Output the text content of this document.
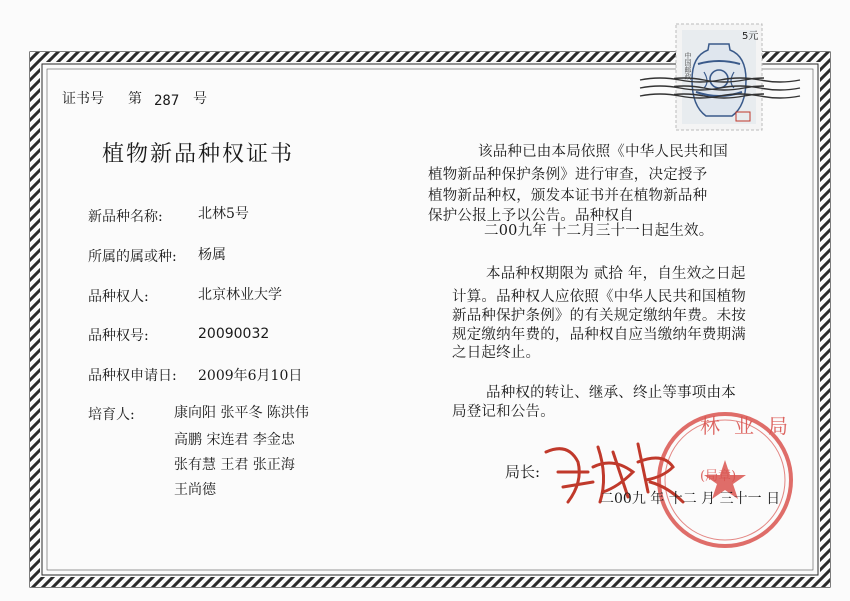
5元
中国邮政
证书号 第 287 号
植物新品种权证书
新品种名称:	北林5号
所属的属或种: 杨属
品种权人:	北京林业大学
品种权号:	20090032
品种权申请日: 2009年6月10日
培育人:	康向阳 张平冬 陈洪伟
高鹏 宋连君 李金忠
张有慧 王君 张正海
王尚德
该品种已由本局依照《中华人民共和国
植物新品种保护条例》进行审查，决定授予
植物新品种权，颁发本证书并在植物新品种
保护公报上予以公告。品种权自
二00九年 十二月三十一日起生效。
本品种权期限为 贰拾 年，自生效之日起
计算。品种权人应依照《中华人民共和国植物
新品种保护条例》的有关规定缴纳年费。未按
规定缴纳年费的，品种权自应当缴纳年费期满
之日起终止。
品种权的转让、继承、终止等事项由本
局登记和公告。
林业局
(局章)
局长:
二00九 年 十二 月 三十一 日
